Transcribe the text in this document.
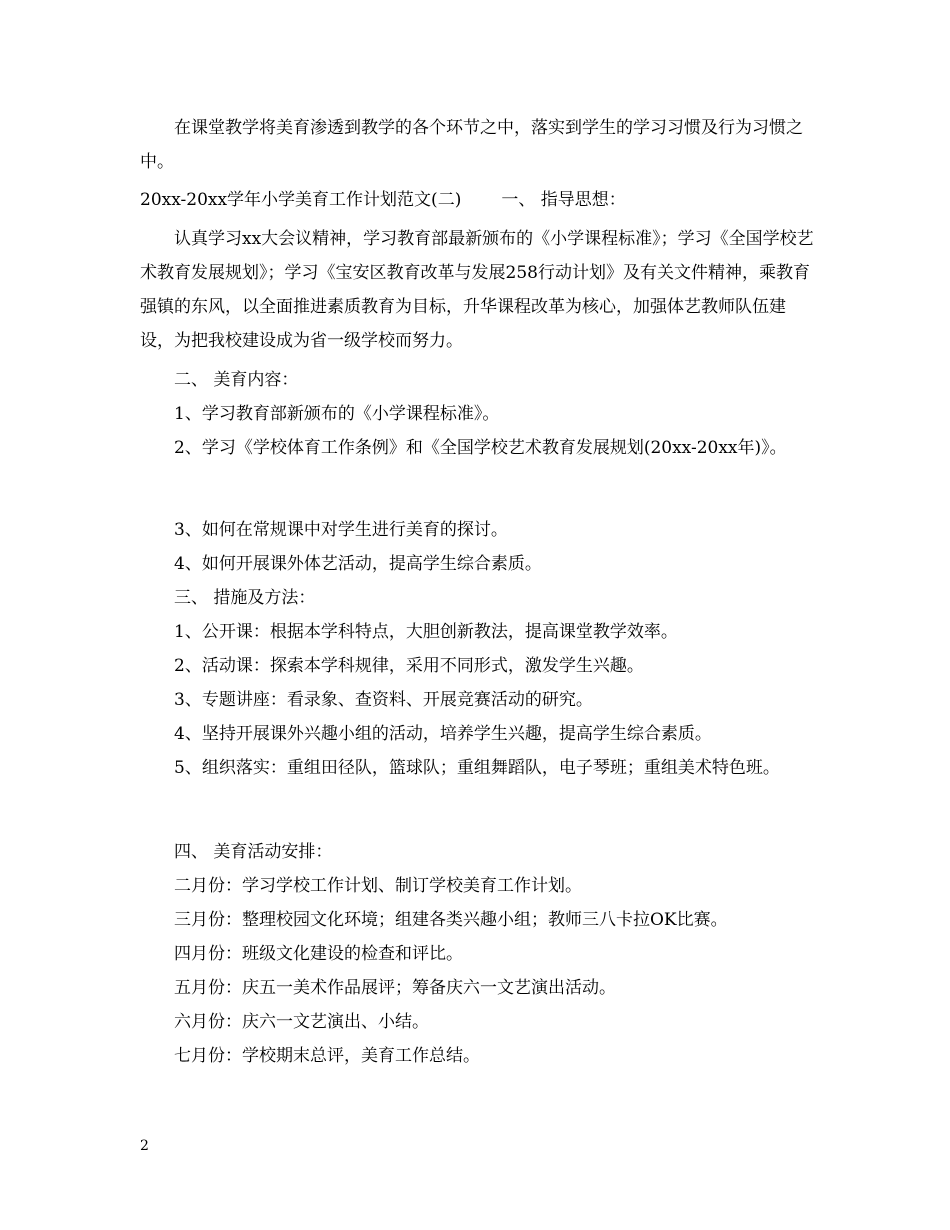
在课堂教学将美育渗透到教学的各个环节之中，落实到学生的学习习惯及行为习惯之中。
20xx-20xx学年小学美育工作计划范文(二) 一、 指导思想：
认真学习xx大会议精神，学习教育部最新颁布的《小学课程标准》；学习《全国学校艺术教育发展规划》；学习《宝安区教育改革与发展258行动计划》及有关文件精神，乘教育强镇的东风，以全面推进素质教育为目标，升华课程改革为核心，加强体艺教师队伍建设，为把我校建设成为省一级学校而努力。
二、 美育内容：
1、学习教育部新颁布的《小学课程标准》。
2、学习《学校体育工作条例》和《全国学校艺术教育发展规划(20xx-20xx年)》。
3、如何在常规课中对学生进行美育的探讨。
4、如何开展课外体艺活动，提高学生综合素质。
三、 措施及方法：
1、公开课：根据本学科特点，大胆创新教法，提高课堂教学效率。
2、活动课：探索本学科规律，采用不同形式，激发学生兴趣。
3、专题讲座：看录象、查资料、开展竞赛活动的研究。
4、坚持开展课外兴趣小组的活动，培养学生兴趣，提高学生综合素质。
5、组织落实：重组田径队，篮球队；重组舞蹈队，电子琴班；重组美术特色班。
四、 美育活动安排：
二月份：学习学校工作计划、制订学校美育工作计划。
三月份：整理校园文化环境；组建各类兴趣小组；教师三八卡拉OK比赛。
四月份：班级文化建设的检查和评比。
五月份：庆五一美术作品展评；筹备庆六一文艺演出活动。
六月份：庆六一文艺演出、小结。
七月份：学校期末总评，美育工作总结。
2
